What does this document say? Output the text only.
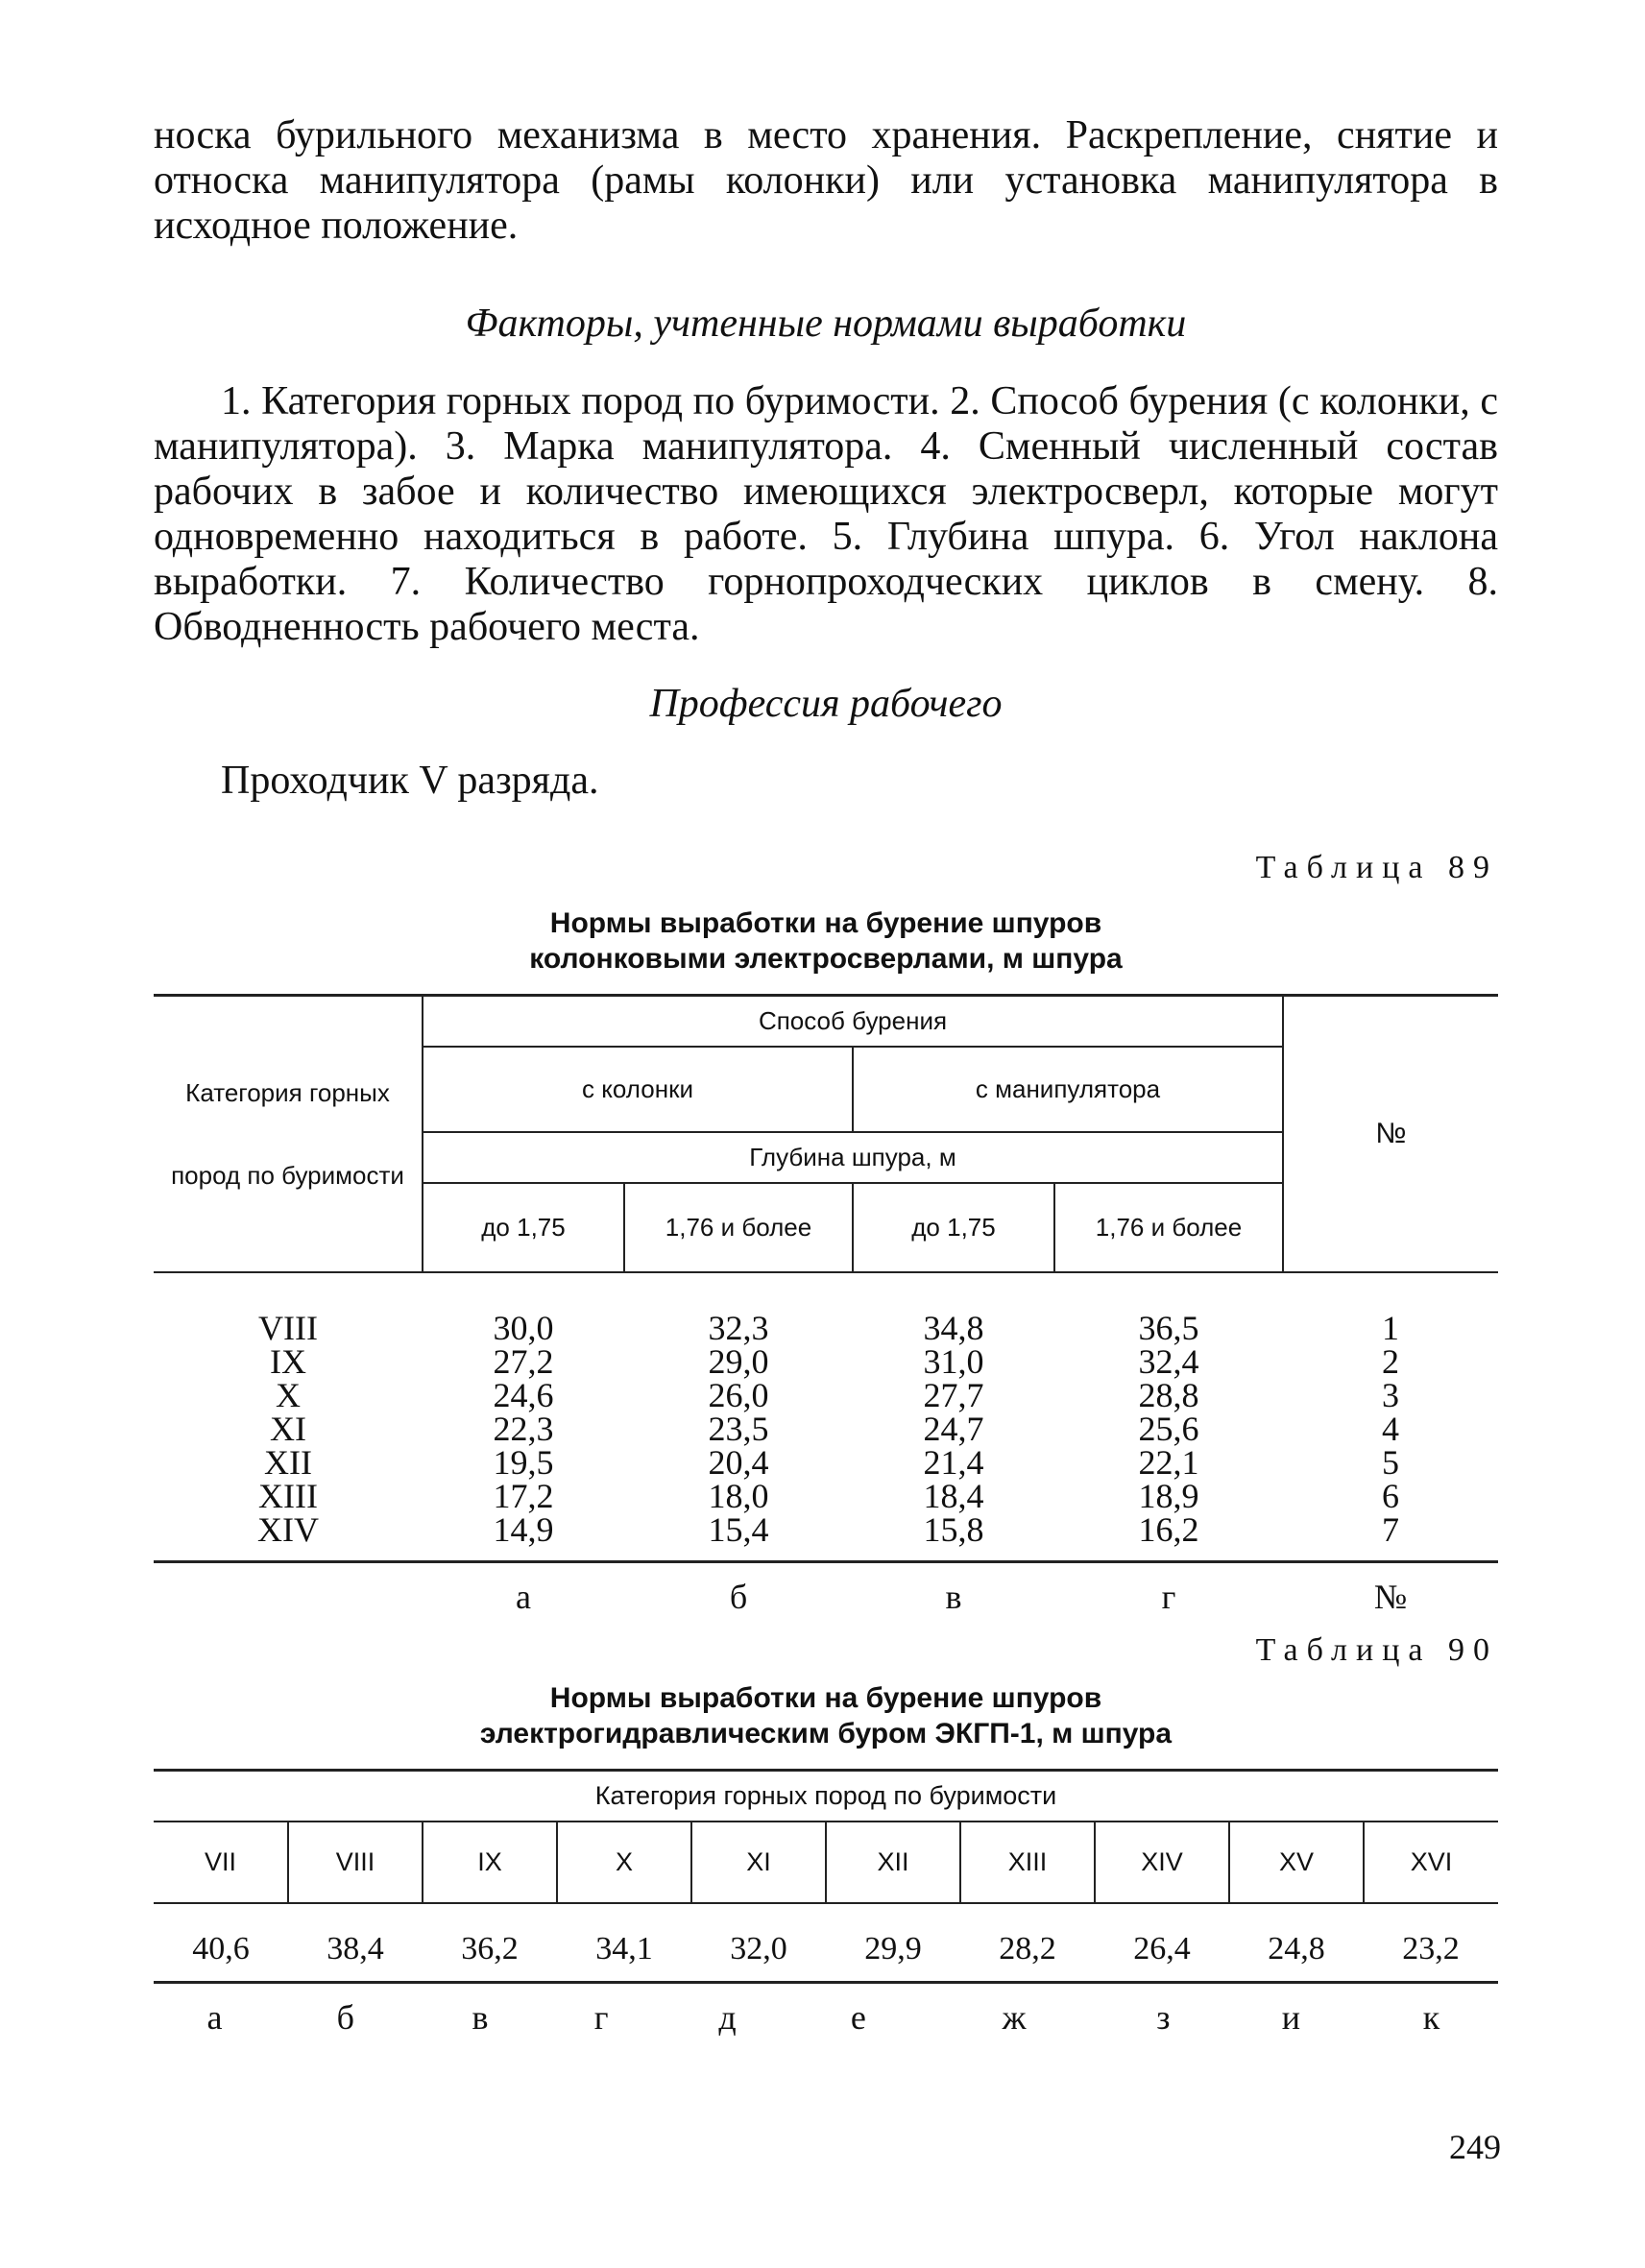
носка бурильного механизма в место хранения. Раскрепление, снятие и относка манипулятора (рамы колонки) или установка манипулятора в исходное положение.

Факторы, учтенные нормами выработки

1. Категория горных пород по буримости. 2. Способ бурения (с колонки, с манипулятора). 3. Марка манипулятора. 4. Сменный численный состав рабочих в забое и количество имеющихся электросверл, которые могут одновременно находиться в работе. 5. Глубина шпура. 6. Угол наклона выработки. 7. Количество горнопроходческих циклов в смену. 8. Обводненность рабочего места.

Профессия рабочего

Проходчик V разряда.

Таблица 89
Нормы выработки на бурение шпуров
колонковыми электросверлами, м шпура
Категория горных
пород по буримости	Способ бурения				№
	с колонки		с манипулятора		
	Глубина шпура, м				
	до 1,75	1,76 и более	до 1,75	1,76 и более	
VIII	30,0	32,3	34,8	36,5	1
IX	27,2	29,0	31,0	32,4	2
X	24,6	26,0	27,7	28,8	3
XI	22,3	23,5	24,7	25,6	4
XII	19,5	20,4	21,4	22,1	5
XIII	17,2	18,0	18,4	18,9	6
XIV	14,9	15,4	15,8	16,2	7
	а	б	в	г	№
Таблица 90
Нормы выработки на бурение шпуров
электрогидравлическим буром ЭКГП-1, м шпура
Категория горных пород по буримости									
VII	VIII	IX	X	XI	XII	XIII	XIV	XV	XVI
40,6	38,4	36,2	34,1	32,0	29,9	28,2	26,4	24,8	23,2
а	б	в	г	д	е	ж	з	и	к
249
